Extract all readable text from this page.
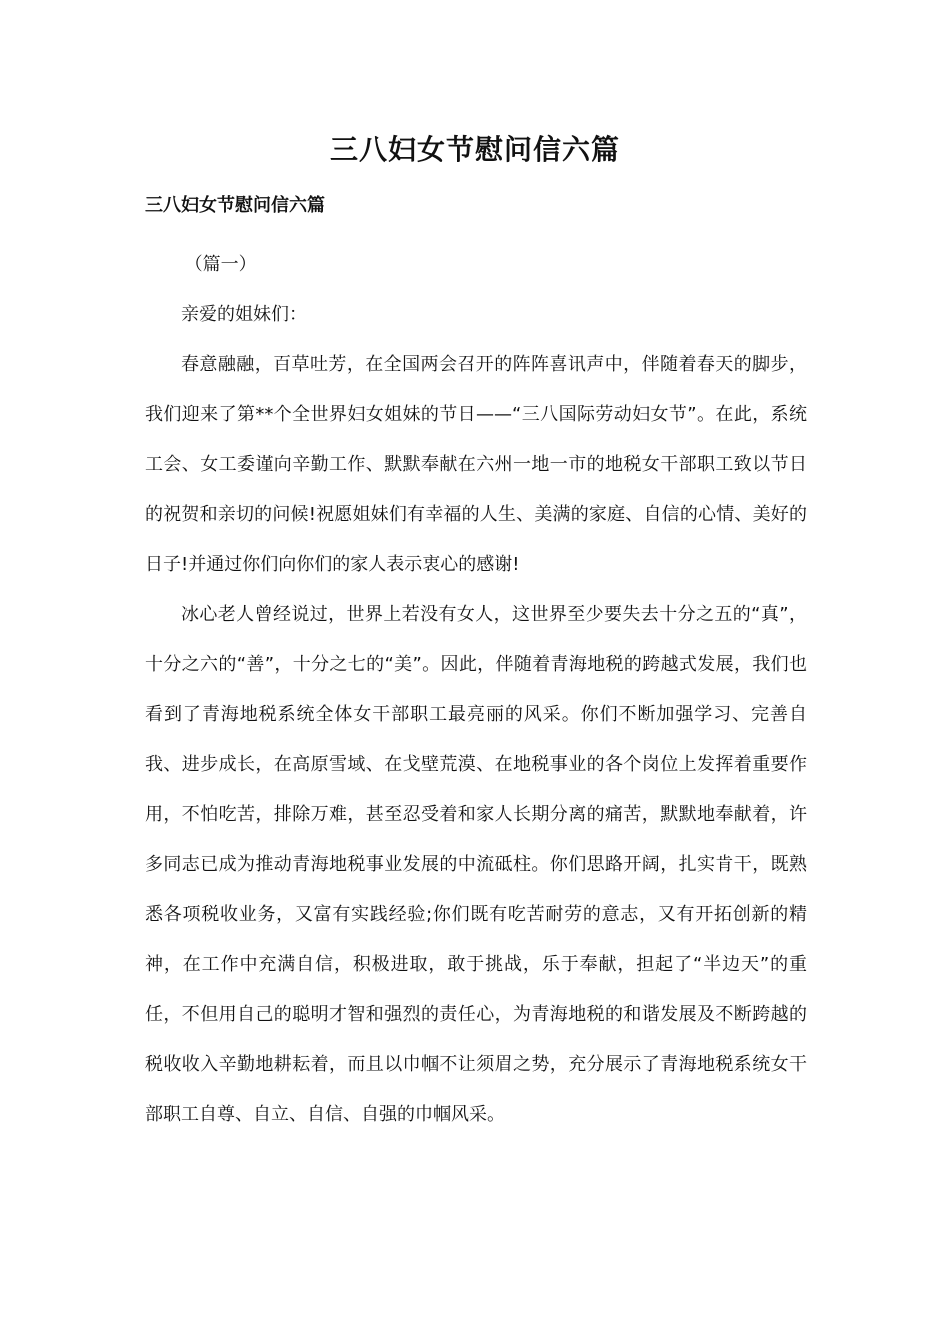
三八妇女节慰问信六篇
三八妇女节慰问信六篇

（篇一）

亲爱的姐妹们：

春意融融，百草吐芳，在全国两会召开的阵阵喜讯声中，伴随着春天的脚步，我们迎来了第**个全世界妇女姐妹的节日——“三八国际劳动妇女节”。在此，系统工会、女工委谨向辛勤工作、默默奉献在六州一地一市的地税女干部职工致以节日的祝贺和亲切的问候!祝愿姐妹们有幸福的人生、美满的家庭、自信的心情、美好的日子!并通过你们向你们的家人表示衷心的感谢!

冰心老人曾经说过，世界上若没有女人，这世界至少要失去十分之五的“真”，十分之六的“善”，十分之七的“美”。因此，伴随着青海地税的跨越式发展，我们也看到了青海地税系统全体女干部职工最亮丽的风采。你们不断加强学习、完善自我、进步成长，在高原雪域、在戈壁荒漠、在地税事业的各个岗位上发挥着重要作用，不怕吃苦，排除万难，甚至忍受着和家人长期分离的痛苦，默默地奉献着，许多同志已成为推动青海地税事业发展的中流砥柱。你们思路开阔，扎实肯干，既熟悉各项税收业务，又富有实践经验;你们既有吃苦耐劳的意志，又有开拓创新的精神，在工作中充满自信，积极进取，敢于挑战，乐于奉献，担起了“半边天”的重任，不但用自己的聪明才智和强烈的责任心，为青海地税的和谐发展及不断跨越的税收收入辛勤地耕耘着，而且以巾帼不让须眉之势，充分展示了青海地税系统女干部职工自尊、自立、自信、自强的巾帼风采。
